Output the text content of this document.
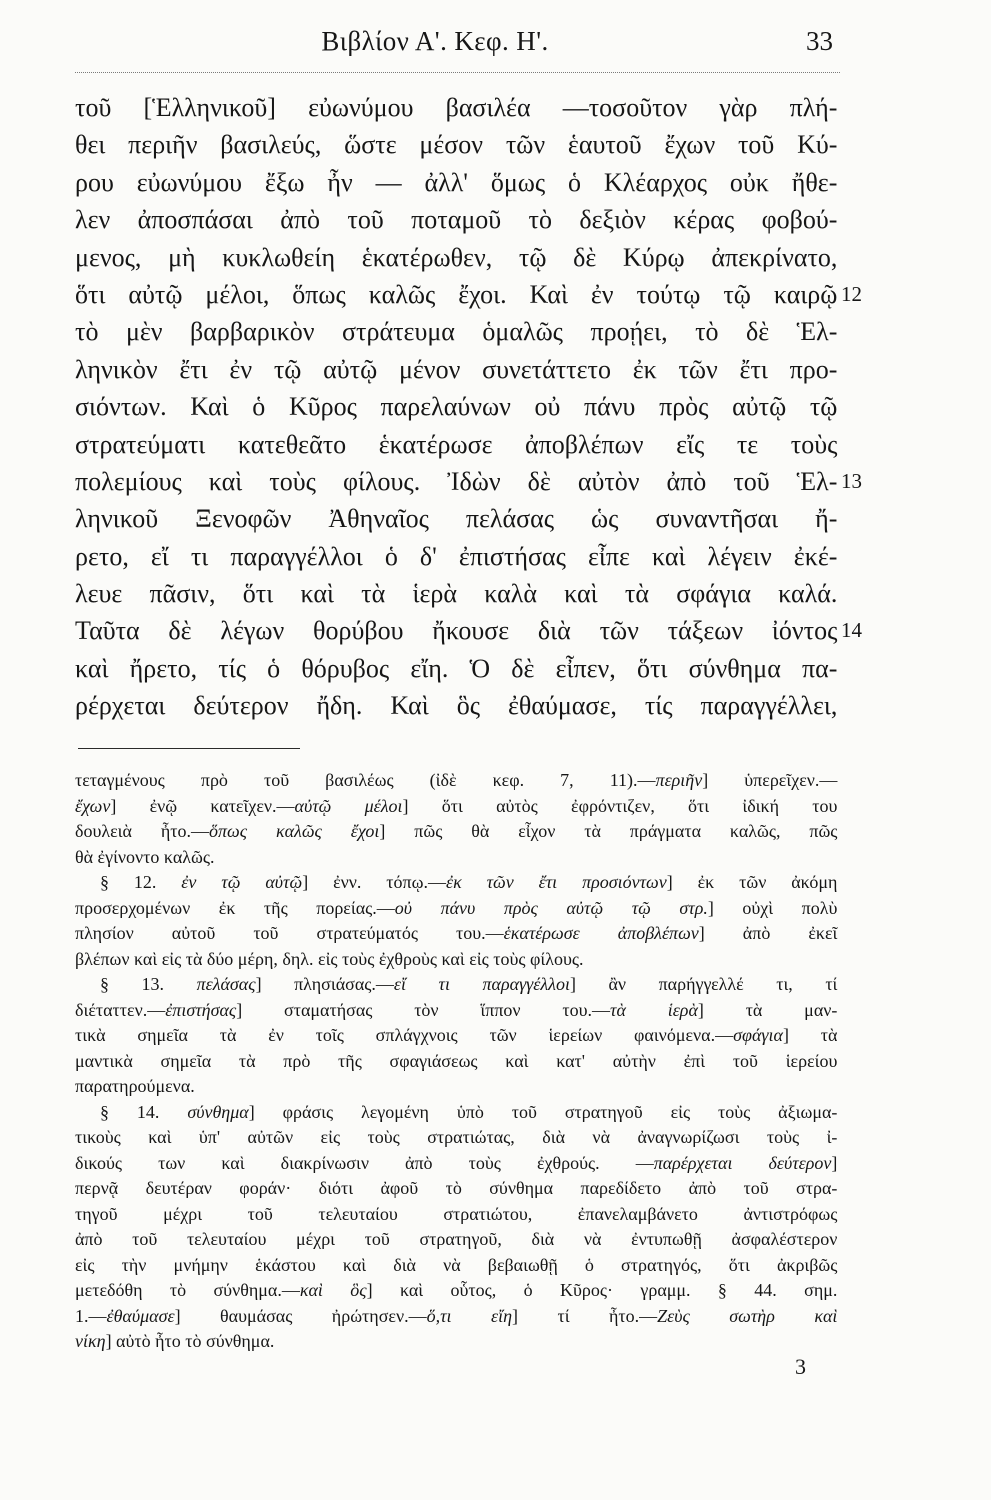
Βιβλίον Α'. Κεφ. Η'.	33
τοῦ [Ἑλληνικοῦ] εὐωνύμου βασιλέα —τοσοῦτον γὰρ πλή-
θει περιῆν βασιλεύς, ὥστε μέσον τῶν ἑαυτοῦ ἔχων τοῦ Κύ-
ρου εὐωνύμου ἔξω ἦν — ἀλλ' ὅμως ὁ Κλέαρχος οὐκ ἤθε-
λεν ἀποσπάσαι ἀπὸ τοῦ ποταμοῦ τὸ δεξιὸν κέρας φοβού-
μενος, μὴ κυκλωθείη ἑκατέρωθεν, τῷ δὲ Κύρῳ ἀπεκρίνατο,
ὅτι αὐτῷ μέλοι, ὅπως καλῶς ἔχοι. Καὶ ἐν τούτῳ τῷ καιρῷ 12
τὸ μὲν βαρβαρικὸν στράτευμα ὁμαλῶς προῄει, τὸ δὲ Ἑλ-
ληνικὸν ἔτι ἐν τῷ αὐτῷ μένον συνετάττετο ἐκ τῶν ἔτι προ-
σιόντων. Καὶ ὁ Κῦρος παρελαύνων οὐ πάνυ πρὸς αὐτῷ τῷ
στρατεύματι κατεθεᾶτο ἑκατέρωσε ἀποβλέπων εἴς τε τοὺς
πολεμίους καὶ τοὺς φίλους. Ἰδὼν δὲ αὐτὸν ἀπὸ τοῦ Ἑλ- 13
ληνικοῦ Ξενοφῶν Ἀθηναῖος πελάσας ὡς συναντῆσαι ἤ-
ρετο, εἴ τι παραγγέλλοι ὁ δ' ἐπιστήσας εἶπε καὶ λέγειν ἐκέ-
λευε πᾶσιν, ὅτι καὶ τὰ ἱερὰ καλὰ καὶ τὰ σφάγια καλά.
Ταῦτα δὲ λέγων θορύβου ἤκουσε διὰ τῶν τάξεων ἰόντος 14
καὶ ἤρετο, τίς ὁ θόρυβος εἴη. Ὁ δὲ εἶπεν, ὅτι σύνθημα πα-
ρέρχεται δεύτερον ἤδη. Καὶ ὃς ἐθαύμασε, τίς παραγγέλλει,
τεταγμένους πρὸ τοῦ βασιλέως (ἰδὲ κεφ. 7, 11).—περιῆν] ὑπερεῖχεν.—
ἔχων] ἐνῷ κατεῖχεν.—αὐτῷ μέλοι] ὅτι αὐτὸς ἐφρόντιζεν, ὅτι ἰδική του
δουλειὰ ἦτο.—ὅπως καλῶς ἔχοι] πῶς θὰ εἶχον τὰ πράγματα καλῶς, πῶς
θὰ ἐγίνοντο καλῶς.
§ 12. ἐν τῷ αὐτῷ] ἐνν. τόπῳ.—ἐκ τῶν ἔτι προσιόντων] ἐκ τῶν ἀκόμη
προσερχομένων ἐκ τῆς πορείας.—οὐ πάνυ πρὸς αὐτῷ τῷ στρ.] οὐχὶ πολὺ
πλησίον αὐτοῦ τοῦ στρατεύματός του.—ἑκατέρωσε ἀποβλέπων] ἀπὸ ἐκεῖ
βλέπων καὶ εἰς τὰ δύο μέρη, δηλ. εἰς τοὺς ἐχθροὺς καὶ εἰς τοὺς φίλους.
§ 13. πελάσας] πλησιάσας.—εἴ τι παραγγέλλοι] ἂν παρήγγελλέ τι, τί
διέταττεν.—ἐπιστήσας] σταματήσας τὸν ἵππον του.—τὰ ἱερὰ] τὰ μαν-
τικὰ σημεῖα τὰ ἐν τοῖς σπλάγχνοις τῶν ἱερείων φαινόμενα.—σφάγια] τὰ
μαντικὰ σημεῖα τὰ πρὸ τῆς σφαγιάσεως καὶ κατ' αὐτὴν ἐπὶ τοῦ ἱερείου
παρατηρούμενα.
§ 14. σύνθημα] φράσις λεγομένη ὑπὸ τοῦ στρατηγοῦ εἰς τοὺς ἀξιωμα-
τικοὺς καὶ ὑπ' αὐτῶν εἰς τοὺς στρατιώτας, διὰ νὰ ἀναγνωρίζωσι τοὺς ἰ-
δικούς των καὶ διακρίνωσιν ἀπὸ τοὺς ἐχθρούς. —παρέρχεται δεύτερον]
περνᾷ δευτέραν φοράν· διότι ἀφοῦ τὸ σύνθημα παρεδίδετο ἀπὸ τοῦ στρα-
τηγοῦ μέχρι τοῦ τελευταίου στρατιώτου, ἐπανελαμβάνετο ἀντιστρόφως
ἀπὸ τοῦ τελευταίου μέχρι τοῦ στρατηγοῦ, διὰ νὰ ἐντυπωθῇ ἀσφαλέστερον
εἰς τὴν μνήμην ἑκάστου καὶ διὰ νὰ βεβαιωθῇ ὁ στρατηγός, ὅτι ἀκριβῶς
μετεδόθη τὸ σύνθημα.—καὶ ὃς] καὶ οὗτος, ὁ Κῦρος· γραμμ. § 44. σημ.
1.—ἐθαύμασε] θαυμάσας ἠρώτησεν.—ὅ,τι εἴη] τί ἦτο.—Ζεὺς σωτὴρ καὶ
νίκη] αὐτὸ ἦτο τὸ σύνθημα.
3
